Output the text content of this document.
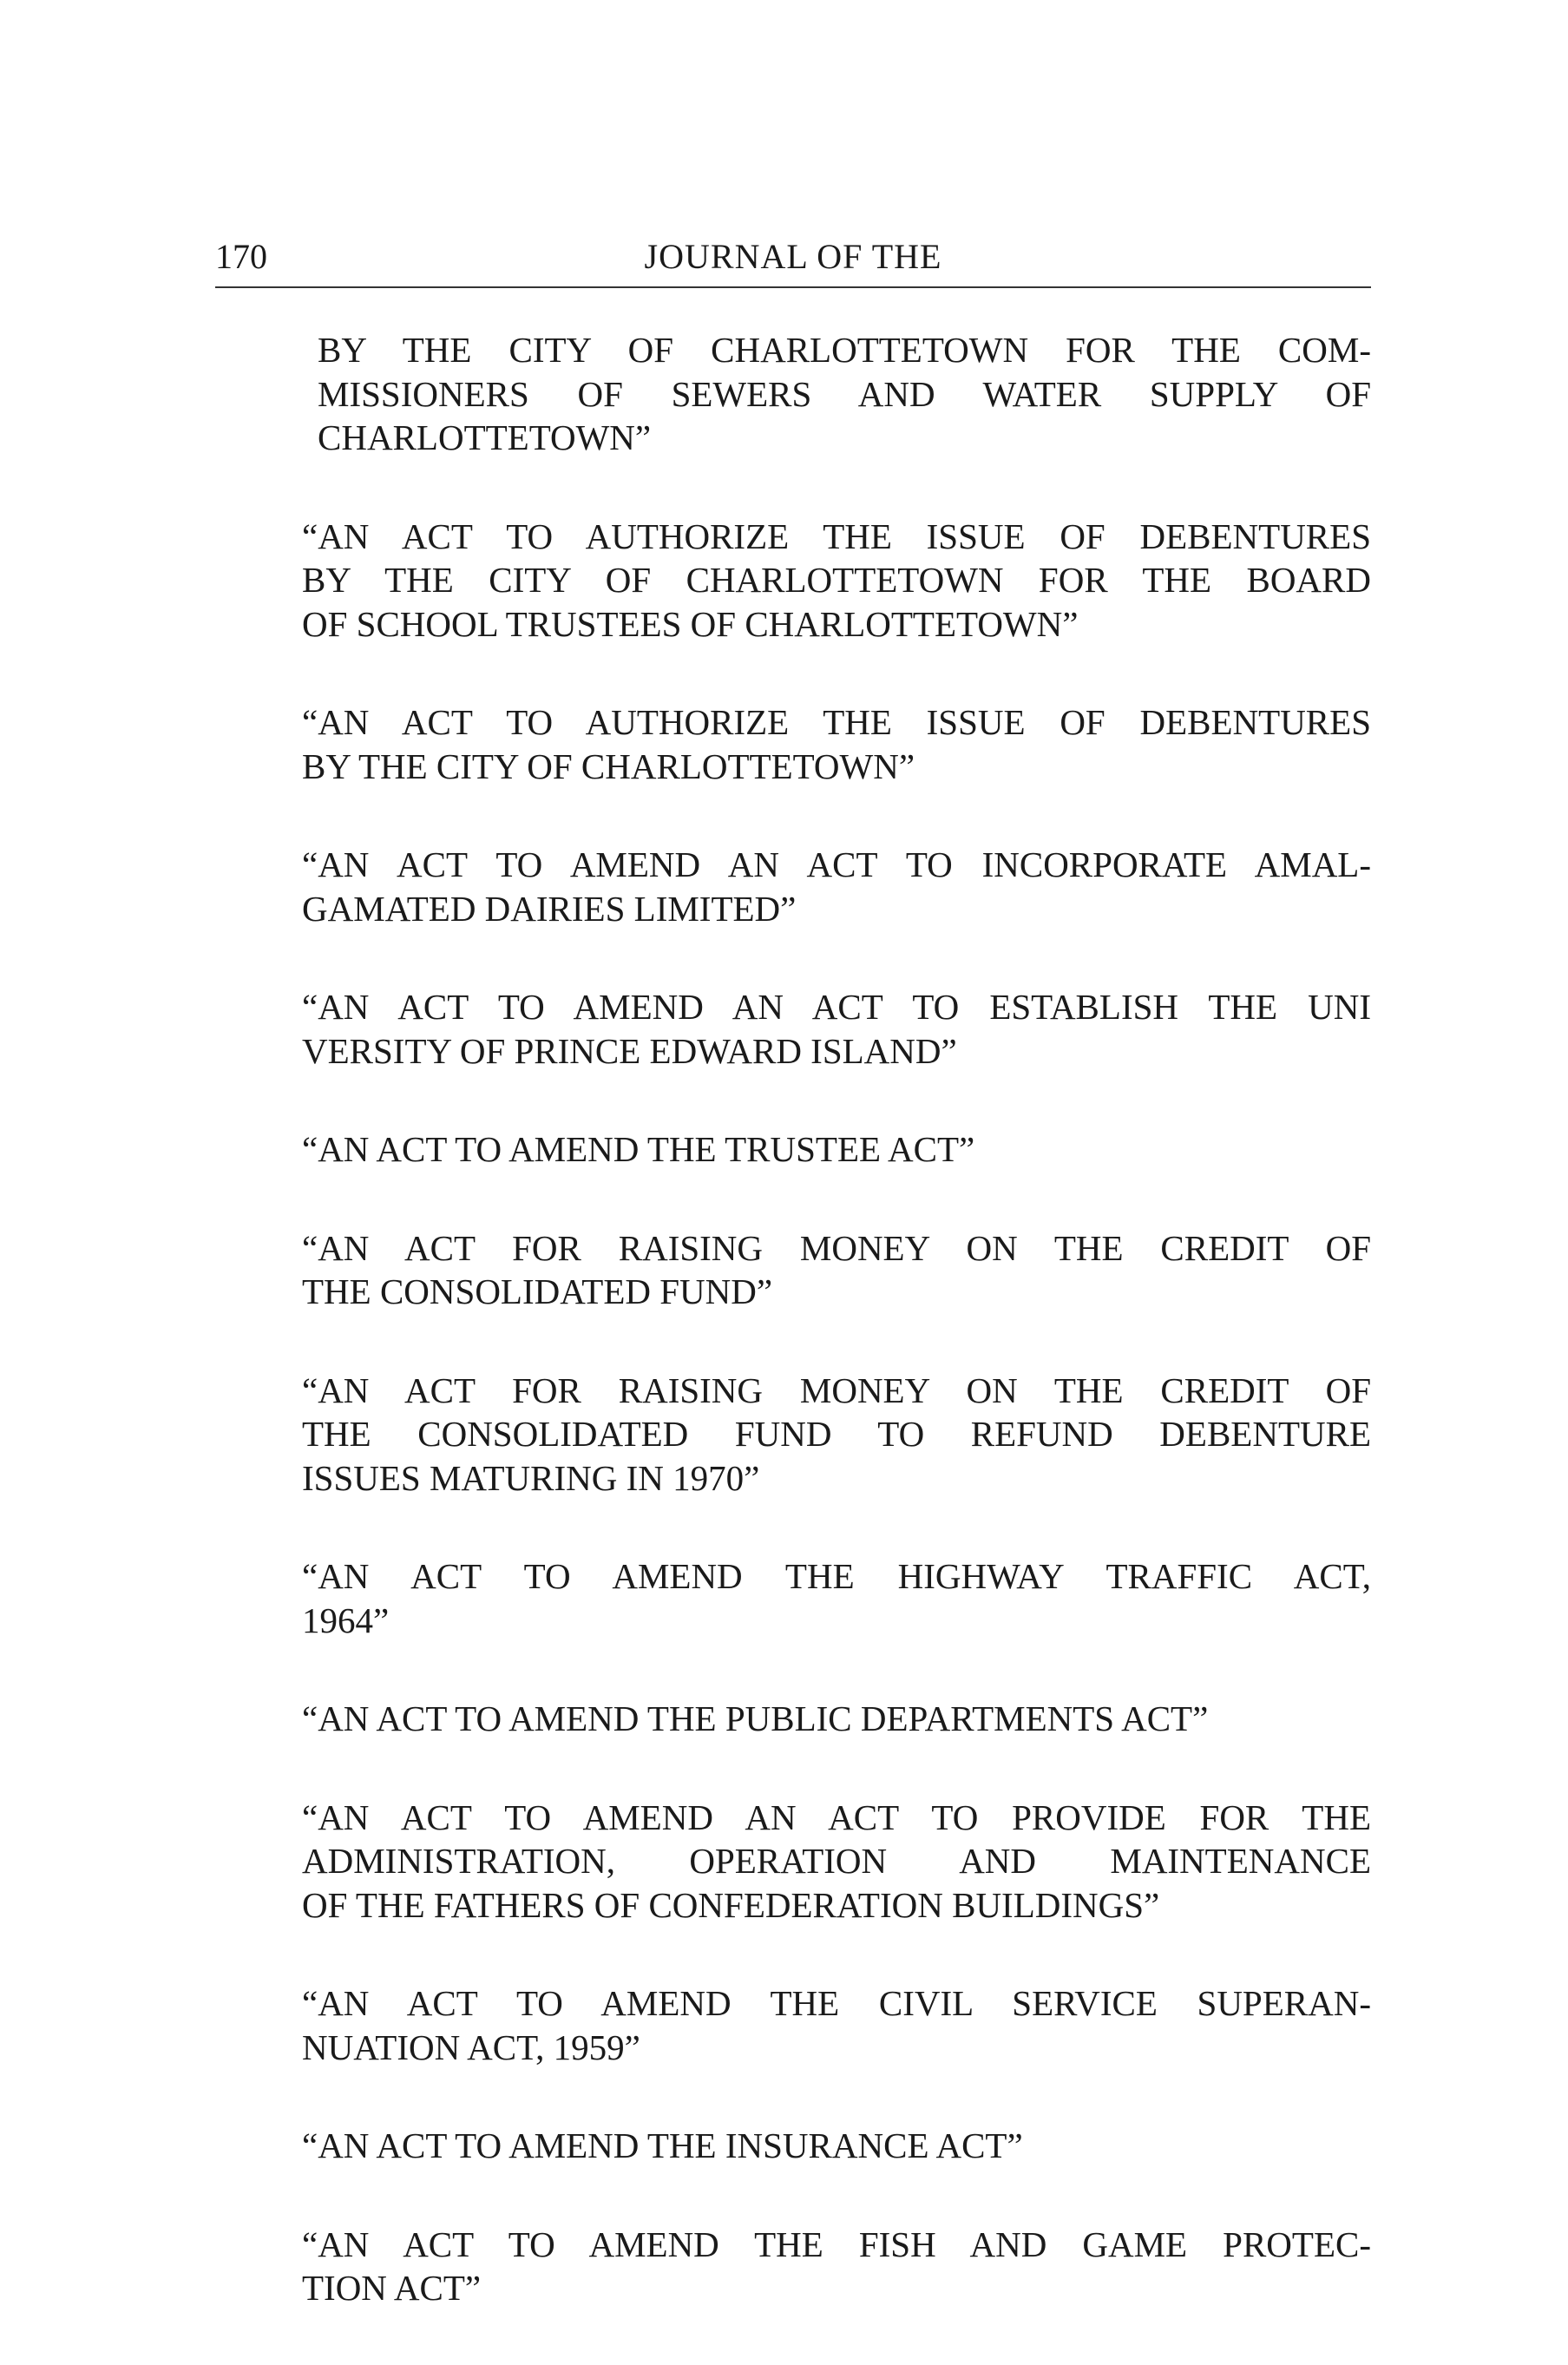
170	JOURNAL OF THE
BY THE CITY OF CHARLOTTETOWN FOR THE COM-
MISSIONERS OF SEWERS AND WATER SUPPLY OF
CHARLOTTETOWN”
“AN ACT TO AUTHORIZE THE ISSUE OF DEBENTURES
BY THE CITY OF CHARLOTTETOWN FOR THE BOARD
OF SCHOOL TRUSTEES OF CHARLOTTETOWN”
“AN ACT TO AUTHORIZE THE ISSUE OF DEBENTURES
BY THE CITY OF CHARLOTTETOWN”
“AN ACT TO AMEND AN ACT TO INCORPORATE AMAL-
GAMATED DAIRIES LIMITED”
“AN ACT TO AMEND AN ACT TO ESTABLISH THE UNI
VERSITY OF PRINCE EDWARD ISLAND”
“AN ACT TO AMEND THE TRUSTEE ACT”
“AN ACT FOR RAISING MONEY ON THE CREDIT OF
THE CONSOLIDATED FUND”
“AN ACT FOR RAISING MONEY ON THE CREDIT OF
THE CONSOLIDATED FUND TO REFUND DEBENTURE
ISSUES MATURING IN 1970”
“AN ACT TO AMEND THE HIGHWAY TRAFFIC ACT,
1964”
“AN ACT TO AMEND THE PUBLIC DEPARTMENTS ACT”
“AN ACT TO AMEND AN ACT TO PROVIDE FOR THE
ADMINISTRATION, OPERATION AND MAINTENANCE
OF THE FATHERS OF CONFEDERATION BUILDINGS”
“AN ACT TO AMEND THE CIVIL SERVICE SUPERAN-
NUATION ACT, 1959”
“AN ACT TO AMEND THE INSURANCE ACT”
“AN ACT TO AMEND THE FISH AND GAME PROTEC-
TION ACT”
